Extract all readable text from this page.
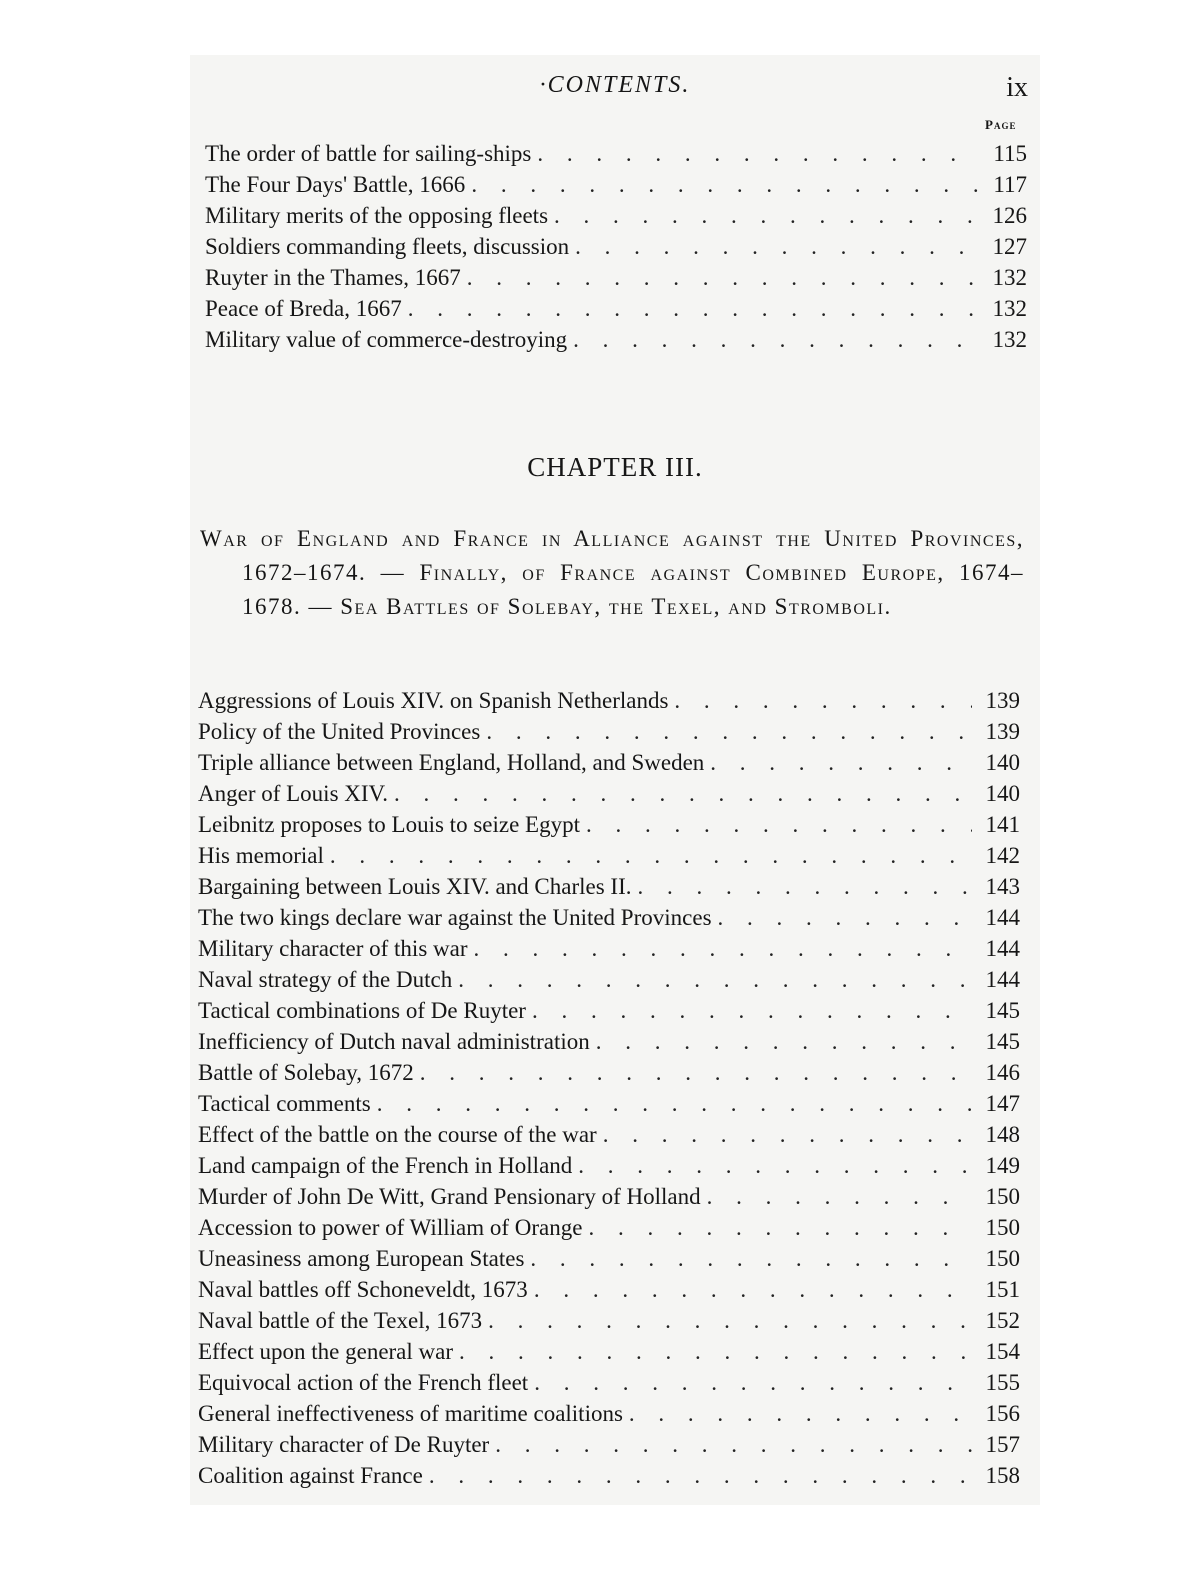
·CONTENTS.	ix
Page
The order of battle for sailing-ships . . .	115
The Four Days' Battle, 1666 . . .	117
Military merits of the opposing fleets . . .	126
Soldiers commanding fleets, discussion . . .	127
Ruyter in the Thames, 1667 . . .	132
Peace of Breda, 1667 . . .	132
Military value of commerce-destroying . . .	132
CHAPTER III.
War of England and France in Alliance against the United Provinces, 1672–1674. — Finally, of France against Combined Europe, 1674–1678. — Sea Battles of Solebay, the Texel, and Stromboli.
Aggressions of Louis XIV. on Spanish Netherlands . . .	139
Policy of the United Provinces . . .	139
Triple alliance between England, Holland, and Sweden . . .	140
Anger of Louis XIV. . . .	140
Leibnitz proposes to Louis to seize Egypt . . .	141
His memorial . . .	142
Bargaining between Louis XIV. and Charles II. . . .	143
The two kings declare war against the United Provinces . . .	144
Military character of this war . . .	144
Naval strategy of the Dutch . . .	144
Tactical combinations of De Ruyter . . .	145
Inefficiency of Dutch naval administration . . .	145
Battle of Solebay, 1672 . . .	146
Tactical comments . . .	147
Effect of the battle on the course of the war . . .	148
Land campaign of the French in Holland . . .	149
Murder of John De Witt, Grand Pensionary of Holland . . .	150
Accession to power of William of Orange . . .	150
Uneasiness among European States . . .	150
Naval battles off Schoneveldt, 1673 . . .	151
Naval battle of the Texel, 1673 . . .	152
Effect upon the general war . . .	154
Equivocal action of the French fleet . . .	155
General ineffectiveness of maritime coalitions . . .	156
Military character of De Ruyter . . .	157
Coalition against France . . .	158
